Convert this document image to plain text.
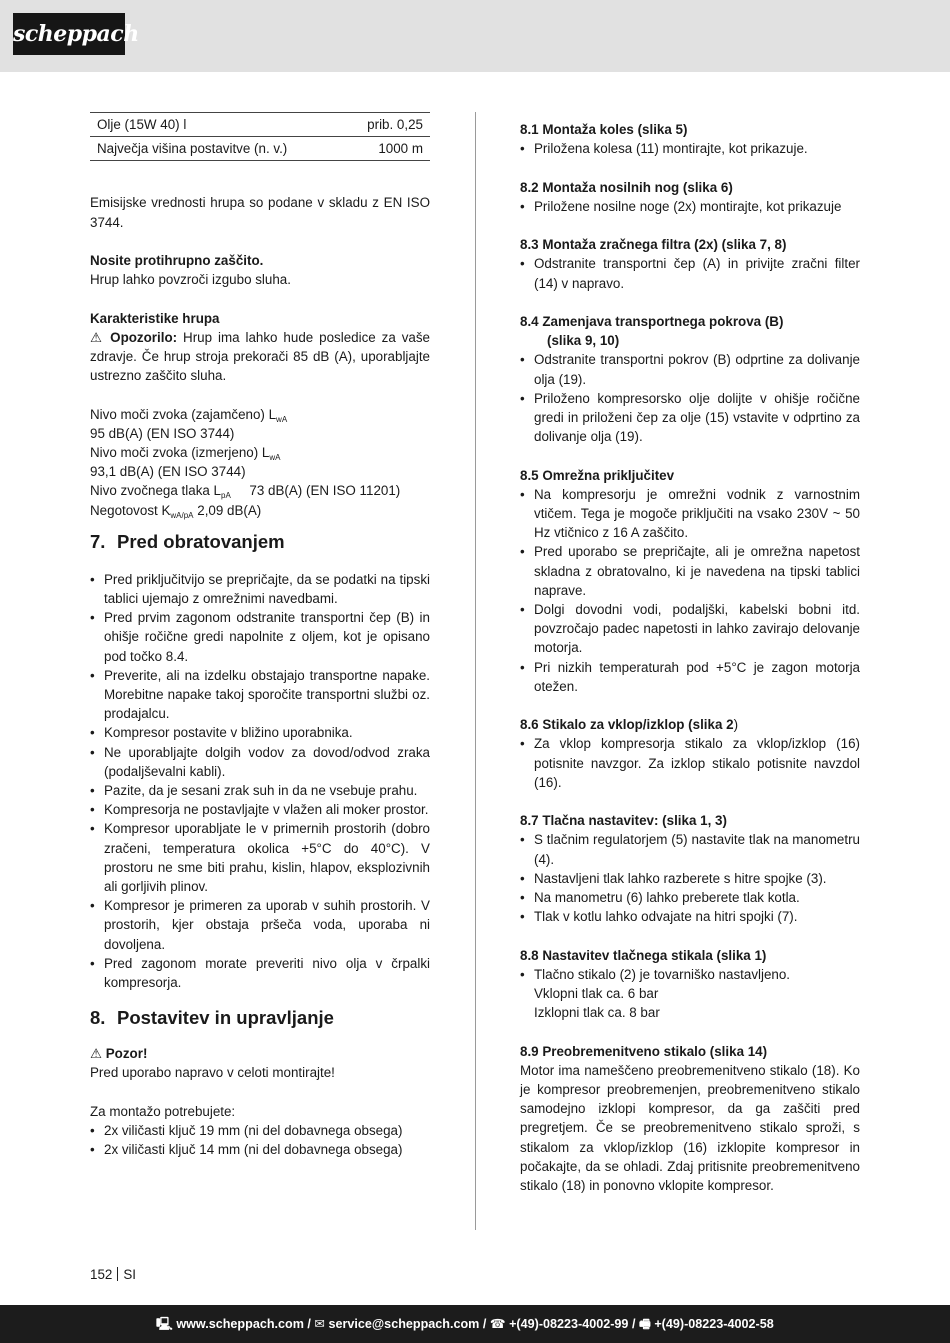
scheppach
Olje (15W 40) l	prib. 0,25
Največja višina postavitve (n. v.)	1000 m

Emisijske vrednosti hrupa so podane v skladu z EN ISO 3744.

Nosite protihrupno zaščito.

Hrup lahko povzroči izgubo sluha.

Karakteristike hrupa

⚠ Opozorilo: Hrup ima lahko hude posledice za vaše zdravje. Če hrup stroja prekorači 85 dB (A), uporabljajte ustrezno zaščito sluha.

Nivo moči zvoka (zajamčeno) $L_{wA}$

95 dB(A) (EN ISO 3744)

Nivo moči zvoka (izmerjeno) $L_{wA}$

93,1 dB(A) (EN ISO 3744)

Nivo zvočnega tlaka $L_{pA}$ 73 dB(A) (EN ISO 11201)

Negotovost $K_{wA/pA}$ 2,09 dB(A)

7. Pred obratovanjem
• Pred priključitvijo se prepričajte, da se podatki na tipski tablici ujemajo z omrežnimi navedbami.
• Pred prvim zagonom odstranite transportni čep (B) in ohišje ročične gredi napolnite z oljem, kot je opisano pod točko 8.4.
• Preverite, ali na izdelku obstajajo transportne napake. Morebitne napake takoj sporočite transportni službi oz. prodajalcu.
• Kompresor postavite v bližino uporabnika.
• Ne uporabljajte dolgih vodov za dovod/odvod zraka (podaljševalni kabli).
• Pazite, da je sesani zrak suh in da ne vsebuje prahu.
• Kompresorja ne postavljajte v vlažen ali moker prostor.
• Kompresor uporabljate le v primernih prostorih (dobro zračeni, temperatura okolica +5°C do 40°C). V prostoru ne sme biti prahu, kislin, hlapov, eksplozivnih ali gorljivih plinov.
• Kompresor je primeren za uporab v suhih prostorih. V prostorih, kjer obstaja pršeča voda, uporaba ni dovoljena.
• Pred zagonom morate preveriti nivo olja v črpalki kompresorja.
8. Postavitev in upravljanje

⚠ Pozor!

Pred uporabo napravo v celoti montirajte!

Za montažo potrebujete:

• 2x viličasti ključ 19 mm (ni del dobavnega obsega)
• 2x viličasti ključ 14 mm (ni del dobavnega obsega)

8.1 Montaža koles (slika 5)

• Priložena kolesa (11) montirajte, kot prikazuje.

8.2 Montaža nosilnih nog (slika 6)

• Priložene nosilne noge (2x) montirajte, kot prikazuje

8.3 Montaža zračnega filtra (2x) (slika 7, 8)

• Odstranite transportni čep (A) in privijte zračni filter (14) v napravo.

8.4 Zamenjava transportnega pokrova (B)

(slika 9, 10)

• Odstranite transportni pokrov (B) odprtine za dolivanje olja (19).
• Priloženo kompresorsko olje dolijte v ohišje ročične gredi in priloženi čep za olje (15) vstavite v odprtino za dolivanje olja (19).

8.5 Omrežna priključitev

• Na kompresorju je omrežni vodnik z varnostnim vtičem. Tega je mogoče priključiti na vsako 230V ~ 50 Hz vtičnico z 16 A zaščito.
• Pred uporabo se prepričajte, ali je omrežna napetost skladna z obratovalno, ki je navedena na tipski tablici naprave.
• Dolgi dovodni vodi, podaljški, kabelski bobni itd. povzročajo padec napetosti in lahko zavirajo delovanje motorja.
• Pri nizkih temperaturah pod +5°C je zagon motorja otežen.

8.6 Stikalo za vklop/izklop (slika 2)

• Za vklop kompresorja stikalo za vklop/izklop (16) potisnite navzgor. Za izklop stikalo potisnite navzdol (16).

8.7 Tlačna nastavitev: (slika 1, 3)

• S tlačnim regulatorjem (5) nastavite tlak na manometru (4).
• Nastavljeni tlak lahko razberete s hitre spojke (3).
• Na manometru (6) lahko preberete tlak kotla.
• Tlak v kotlu lahko odvajate na hitri spojki (7).

8.8 Nastavitev tlačnega stikala (slika 1)

• Tlačno stikalo (2) je tovarniško nastavljeno.

Vklopni tlak ca. 6 bar

Izklopni tlak ca. 8 bar

8.9 Preobremenitveno stikalo (slika 14)

Motor ima nameščeno preobremenitveno stikalo (18). Ko je kompresor preobremenjen, preobremenitveno stikalo samodejno izklopi kompresor, da ga zaščiti pred pregretjem. Če se preobremenitveno stikalo sproži, s stikalom za vklop/izklop (16) izklopite kompresor in počakajte, da se ohladi. Zdaj pritisnite preobremenitveno stikalo (18) in ponovno vklopite kompresor.

152 SI
🖳 www.scheppach.com / ✉ service@scheppach.com / ☎ +(49)-08223-4002-99 / 🖷 +(49)-08223-4002-58
